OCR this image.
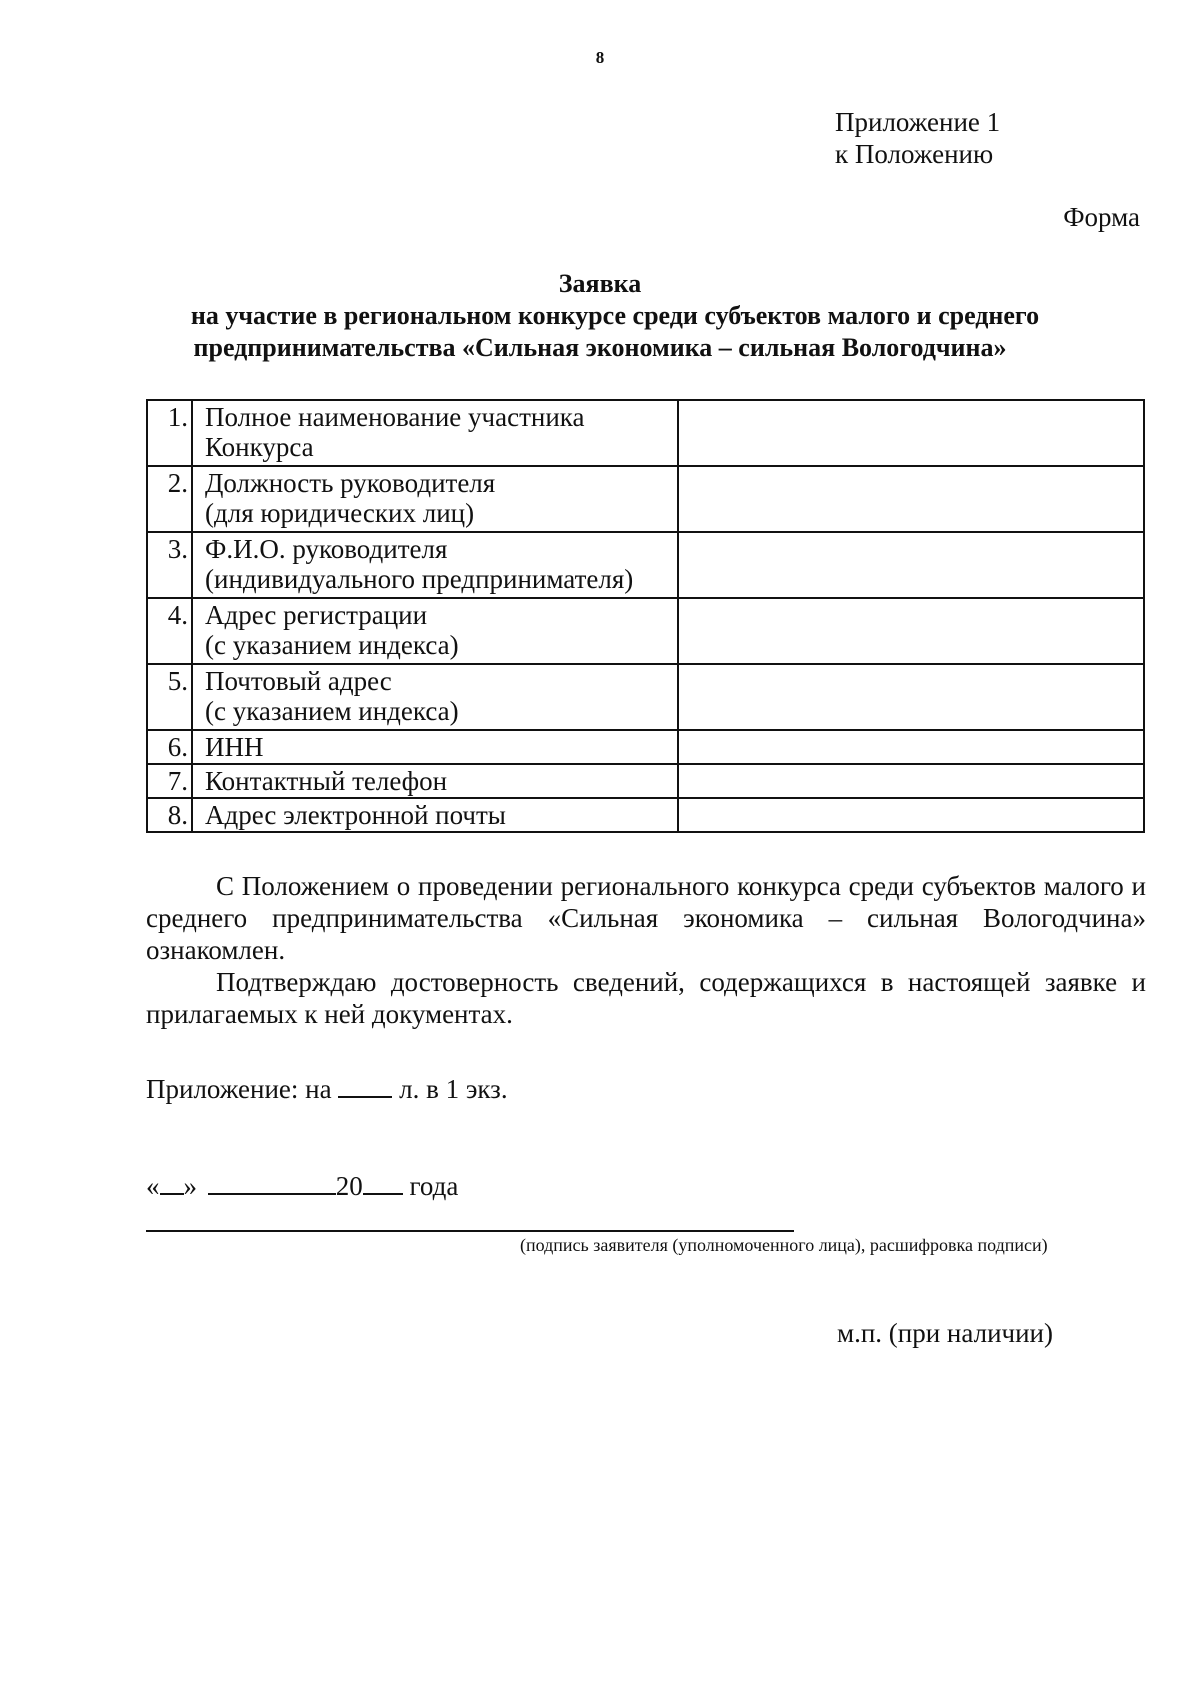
8
Приложение 1
к Положению
Форма
Заявка
на участие в региональном конкурсе среди субъектов малого и среднего
предпринимательства «Сильная экономика – сильная Вологодчина»
1.	Полное наименование участника
Конкурса	

2.	Должность руководителя
(для юридических лиц)	

3.	Ф.И.О. руководителя
(индивидуального предпринимателя)	

4.	Адрес регистрации
(с указанием индекса)	

5.	Почтовый адрес
(с указанием индекса)	

6.	ИНН	

7.	Контактный телефон	

8.	Адрес электронной почты	

С Положением о проведении регионального конкурса среди субъектов малого и среднего предпринимательства «Сильная экономика – сильная Вологодчина» ознакомлен.

Подтверждаю достоверность сведений, содержащихся в настоящей заявке и прилагаемых к ней документах.

Приложение: на	л. в 1 экз.
« »	20 года
(подпись заявителя (уполномоченного лица), расшифровка подписи)
м.п. (при наличии)
